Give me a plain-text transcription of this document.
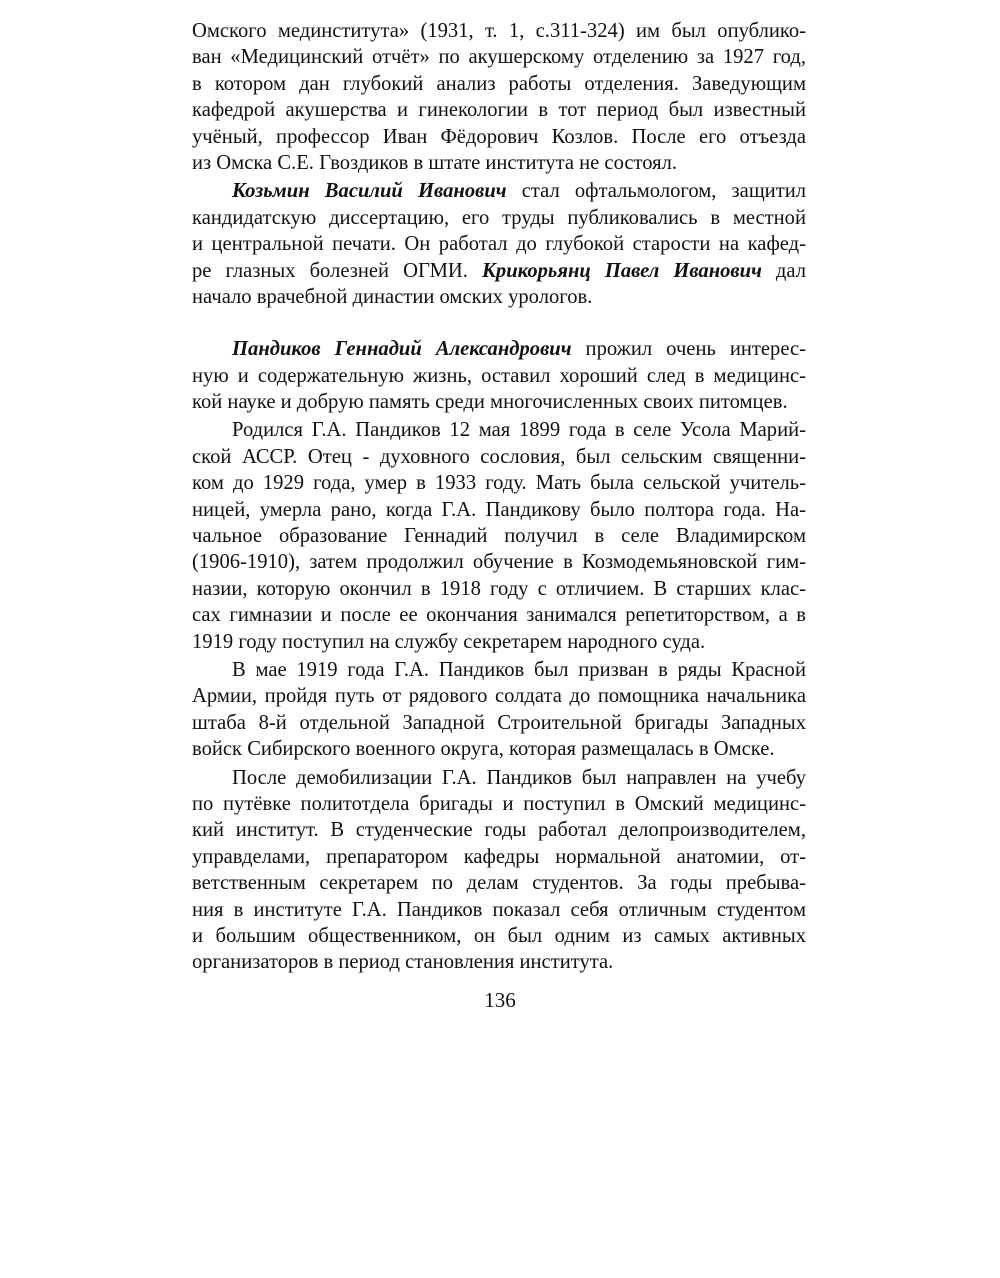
Омского мединститута» (1931, т. 1, с.311-324) им был опублико-
ван «Медицинский отчёт» по акушерскому отделению за 1927 год,
в котором дан глубокий анализ работы отделения. Заведующим
кафедрой акушерства и гинекологии в тот период был известный
учёный, профессор Иван Фёдорович Козлов. После его отъезда
из Омска С.Е. Гвоздиков в штате института не состоял.
Козьмин Василий Иванович стал офтальмологом, защитил
кандидатскую диссертацию, его труды публиковались в местной
и центральной печати. Он работал до глубокой старости на кафед-
ре глазных болезней ОГМИ. Крикорьянц Павел Иванович дал
начало врачебной династии омских урологов.
Пандиков Геннадий Александрович прожил очень интерес-
ную и содержательную жизнь, оставил хороший след в медицинс-
кой науке и добрую память среди многочисленных своих питомцев.
Родился Г.А. Пандиков 12 мая 1899 года в селе Усола Марий-
ской АССР. Отец - духовного сословия, был сельским священни-
ком до 1929 года, умер в 1933 году. Мать была сельской учитель-
ницей, умерла рано, когда Г.А. Пандикову было полтора года. На-
чальное образование Геннадий получил в селе Владимирском
(1906-1910), затем продолжил обучение в Козмодемьяновской гим-
назии, которую окончил в 1918 году с отличием. В старших клас-
сах гимназии и после ее окончания занимался репетиторством, а в
1919 году поступил на службу секретарем народного суда.
В мае 1919 года Г.А. Пандиков был призван в ряды Красной
Армии, пройдя путь от рядового солдата до помощника начальника
штаба 8-й отдельной Западной Строительной бригады Западных
войск Сибирского военного округа, которая размещалась в Омске.
После демобилизации Г.А. Пандиков был направлен на учебу
по путёвке политотдела бригады и поступил в Омский медицинс-
кий институт. В студенческие годы работал делопроизводителем,
управделами, препаратором кафедры нормальной анатомии, от-
ветственным секретарем по делам студентов. За годы пребыва-
ния в институте Г.А. Пандиков показал себя отличным студентом
и большим общественником, он был одним из самых активных
организаторов в период становления института.
136
